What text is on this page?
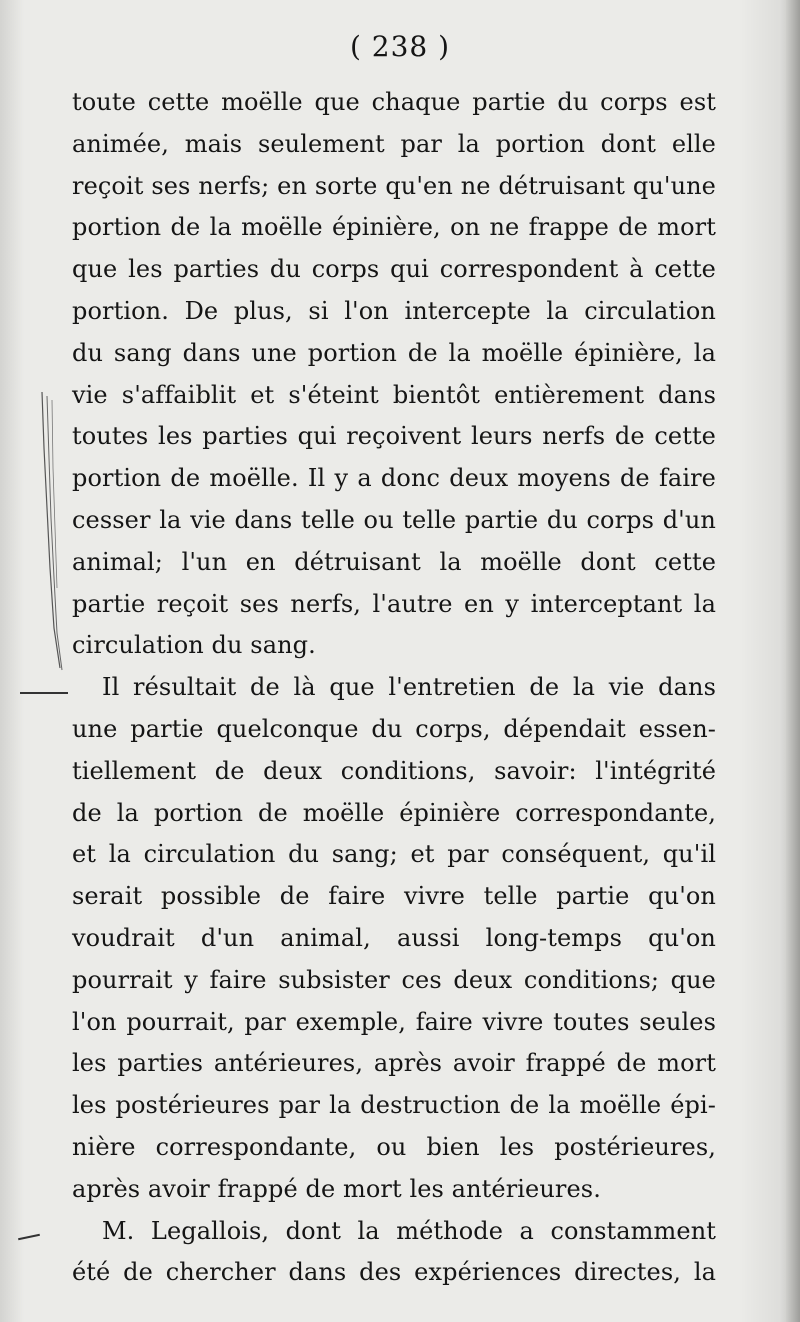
( 238 )
toute cette moëlle que chaque partie du corps est
animée, mais seulement par la portion dont elle
reçoit ses nerfs; en sorte qu'en ne détruisant qu'une
portion de la moëlle épinière, on ne frappe de mort
que les parties du corps qui correspondent à cette
portion. De plus, si l'on intercepte la circulation
du sang dans une portion de la moëlle épinière, la
vie s'affaiblit et s'éteint bientôt entièrement dans
toutes les parties qui reçoivent leurs nerfs de cette
portion de moëlle. Il y a donc deux moyens de faire
cesser la vie dans telle ou telle partie du corps d'un
animal; l'un en détruisant la moëlle dont cette
partie reçoit ses nerfs, l'autre en y interceptant la
circulation du sang.
Il résultait de là que l'entretien de la vie dans
une partie quelconque du corps, dépendait essen-
tiellement de deux conditions, savoir: l'intégrité
de la portion de moëlle épinière correspondante,
et la circulation du sang; et par conséquent, qu'il
serait possible de faire vivre telle partie qu'on
voudrait d'un animal, aussi long-temps qu'on
pourrait y faire subsister ces deux conditions; que
l'on pourrait, par exemple, faire vivre toutes seules
les parties antérieures, après avoir frappé de mort
les postérieures par la destruction de la moëlle épi-
nière correspondante, ou bien les postérieures,
après avoir frappé de mort les antérieures.
M. Legallois, dont la méthode a constamment
été de chercher dans des expériences directes, la
